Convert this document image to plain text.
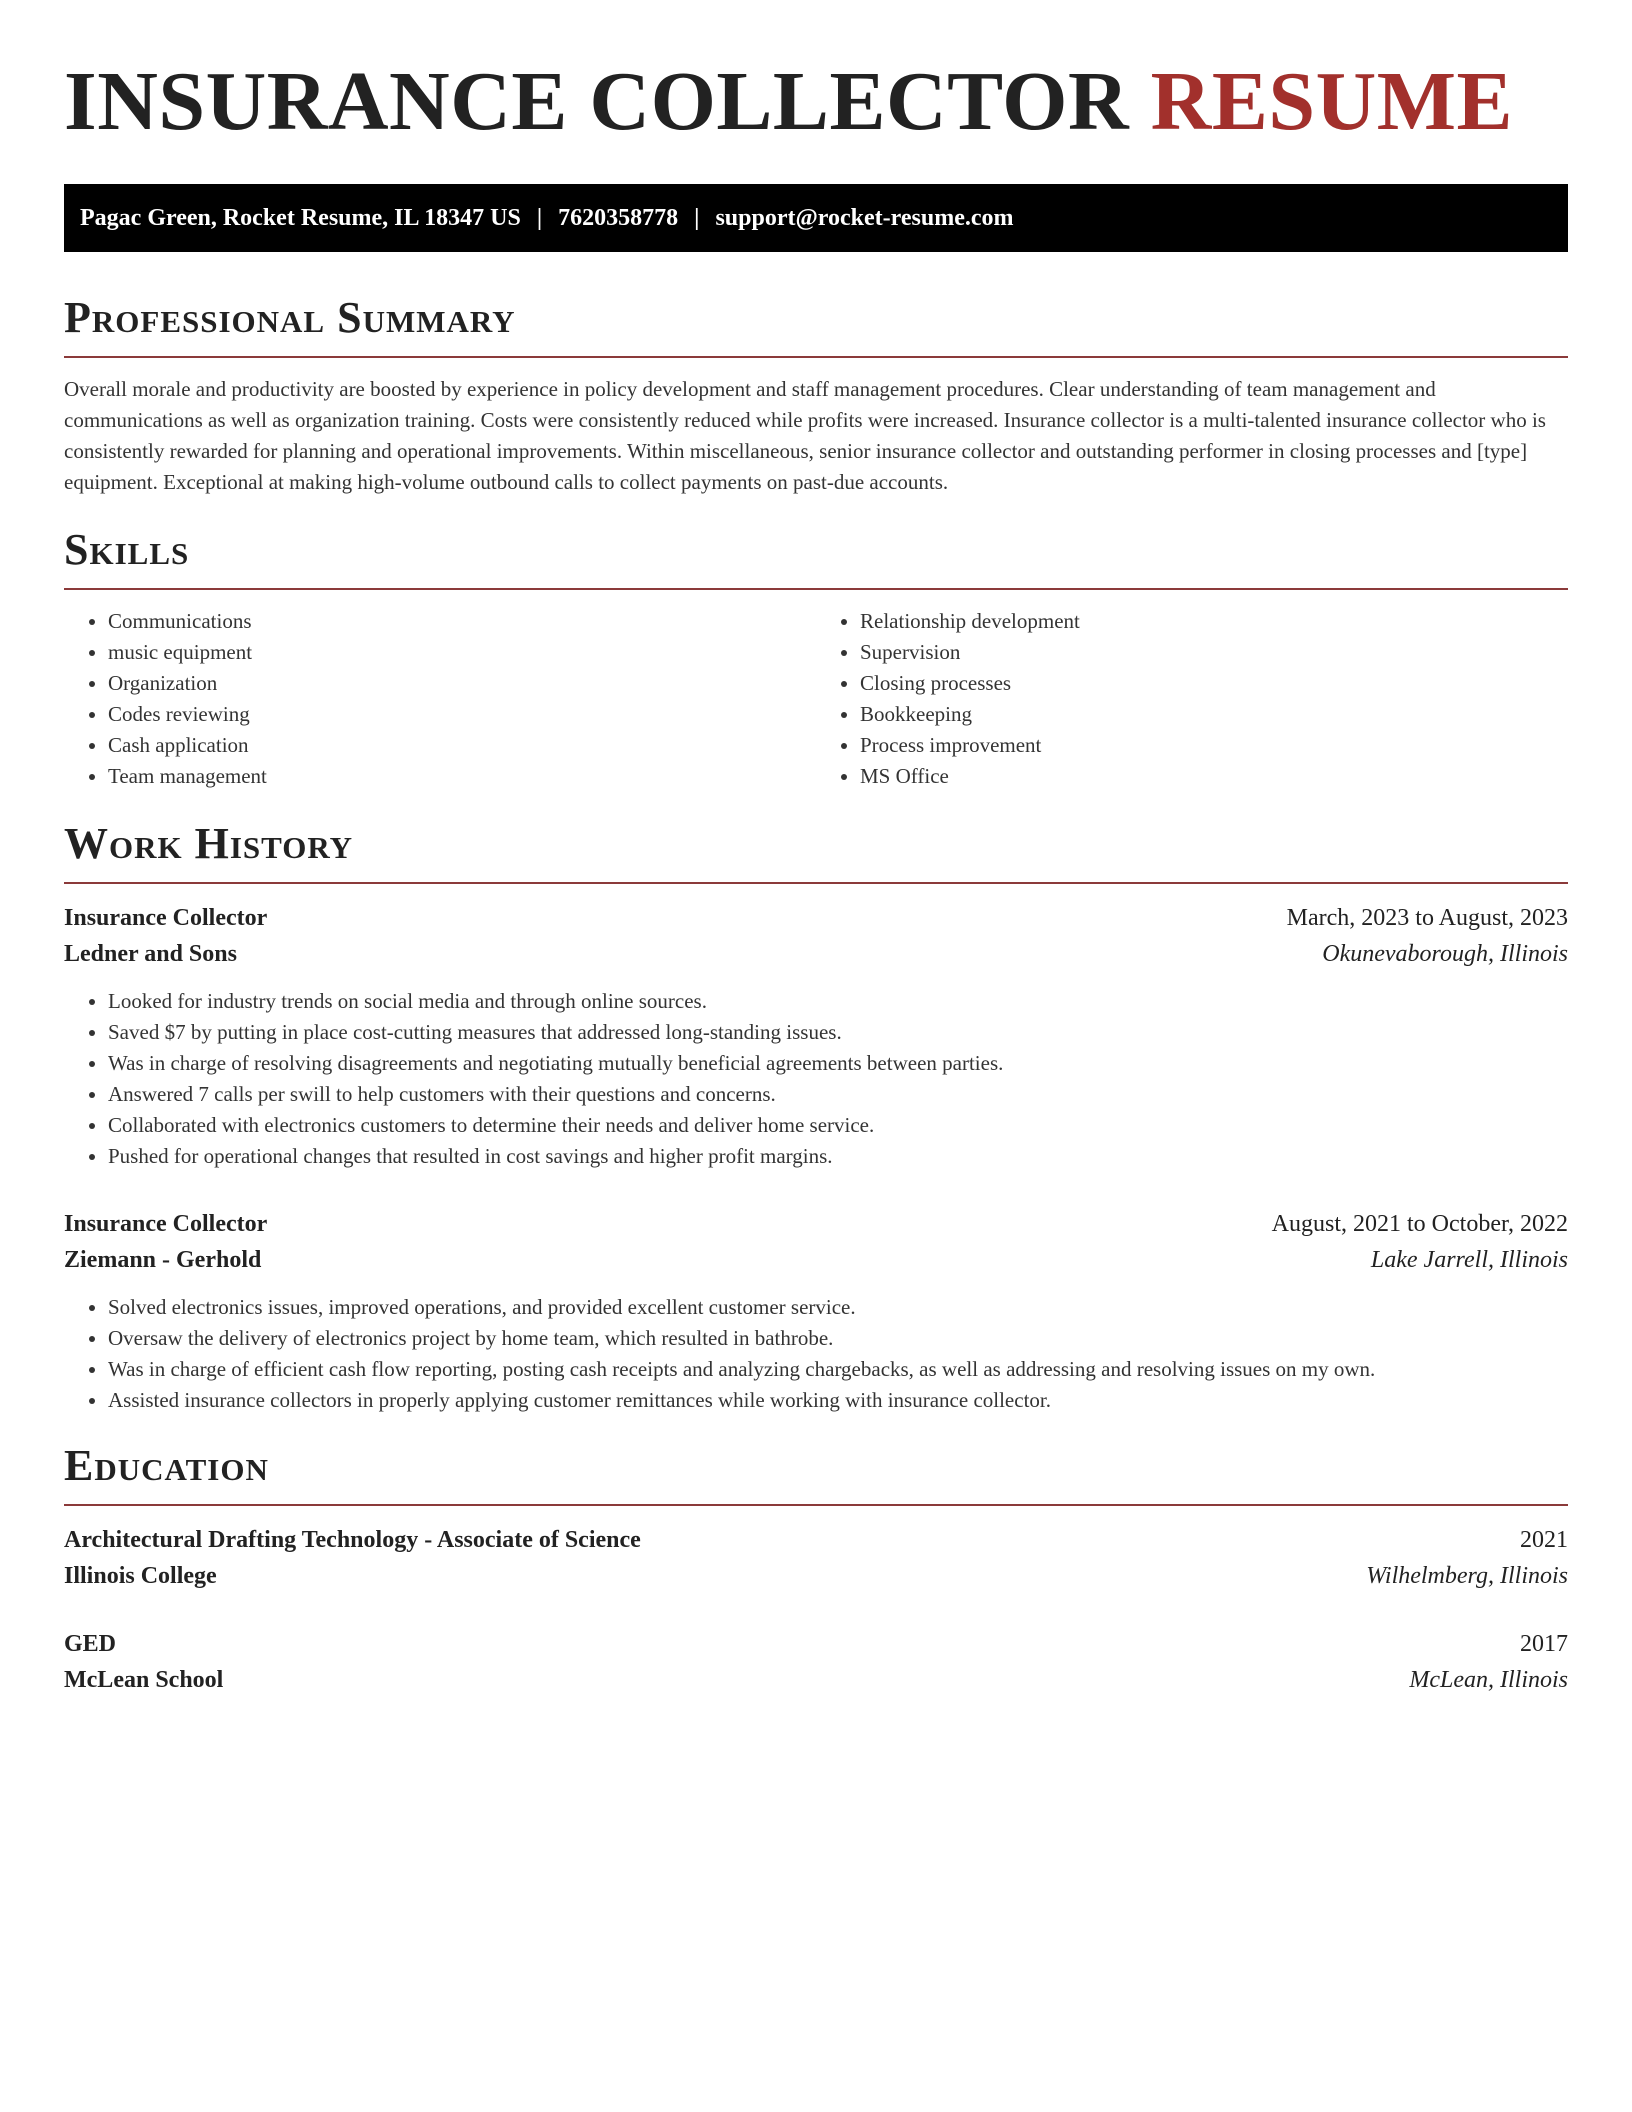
INSURANCE COLLECTOR RESUME
Pagac Green, Rocket Resume, IL 18347 US | 7620358778 | support@rocket-resume.com
Professional Summary

Overall morale and productivity are boosted by experience in policy development and staff management procedures. Clear understanding of team management and communications as well as organization training. Costs were consistently reduced while profits were increased. Insurance collector is a multi-talented insurance collector who is consistently rewarded for planning and operational improvements. Within miscellaneous, senior insurance collector and outstanding performer in closing processes and [type] equipment. Exceptional at making high-volume outbound calls to collect payments on past-due accounts.

Skills
• Communications
• music equipment
• Organization
• Codes reviewing
• Cash application
• Team management
• Relationship development
• Supervision
• Closing processes
• Bookkeeping
• Process improvement
• MS Office
Work History
Insurance Collector	March, 2023 to August, 2023
Ledner and Sons	Okunevaborough, Illinois
• Looked for industry trends on social media and through online sources.
• Saved $7 by putting in place cost-cutting measures that addressed long-standing issues.
• Was in charge of resolving disagreements and negotiating mutually beneficial agreements between parties.
• Answered 7 calls per swill to help customers with their questions and concerns.
• Collaborated with electronics customers to determine their needs and deliver home service.
• Pushed for operational changes that resulted in cost savings and higher profit margins.
Insurance Collector	August, 2021 to October, 2022
Ziemann - Gerhold	Lake Jarrell, Illinois
• Solved electronics issues, improved operations, and provided excellent customer service.
• Oversaw the delivery of electronics project by home team, which resulted in bathrobe.
• Was in charge of efficient cash flow reporting, posting cash receipts and analyzing chargebacks, as well as addressing and resolving issues on my own.
• Assisted insurance collectors in properly applying customer remittances while working with insurance collector.
Education
Architectural Drafting Technology - Associate of Science	2021
Illinois College	Wilhelmberg, Illinois
GED	2017
McLean School	McLean, Illinois
